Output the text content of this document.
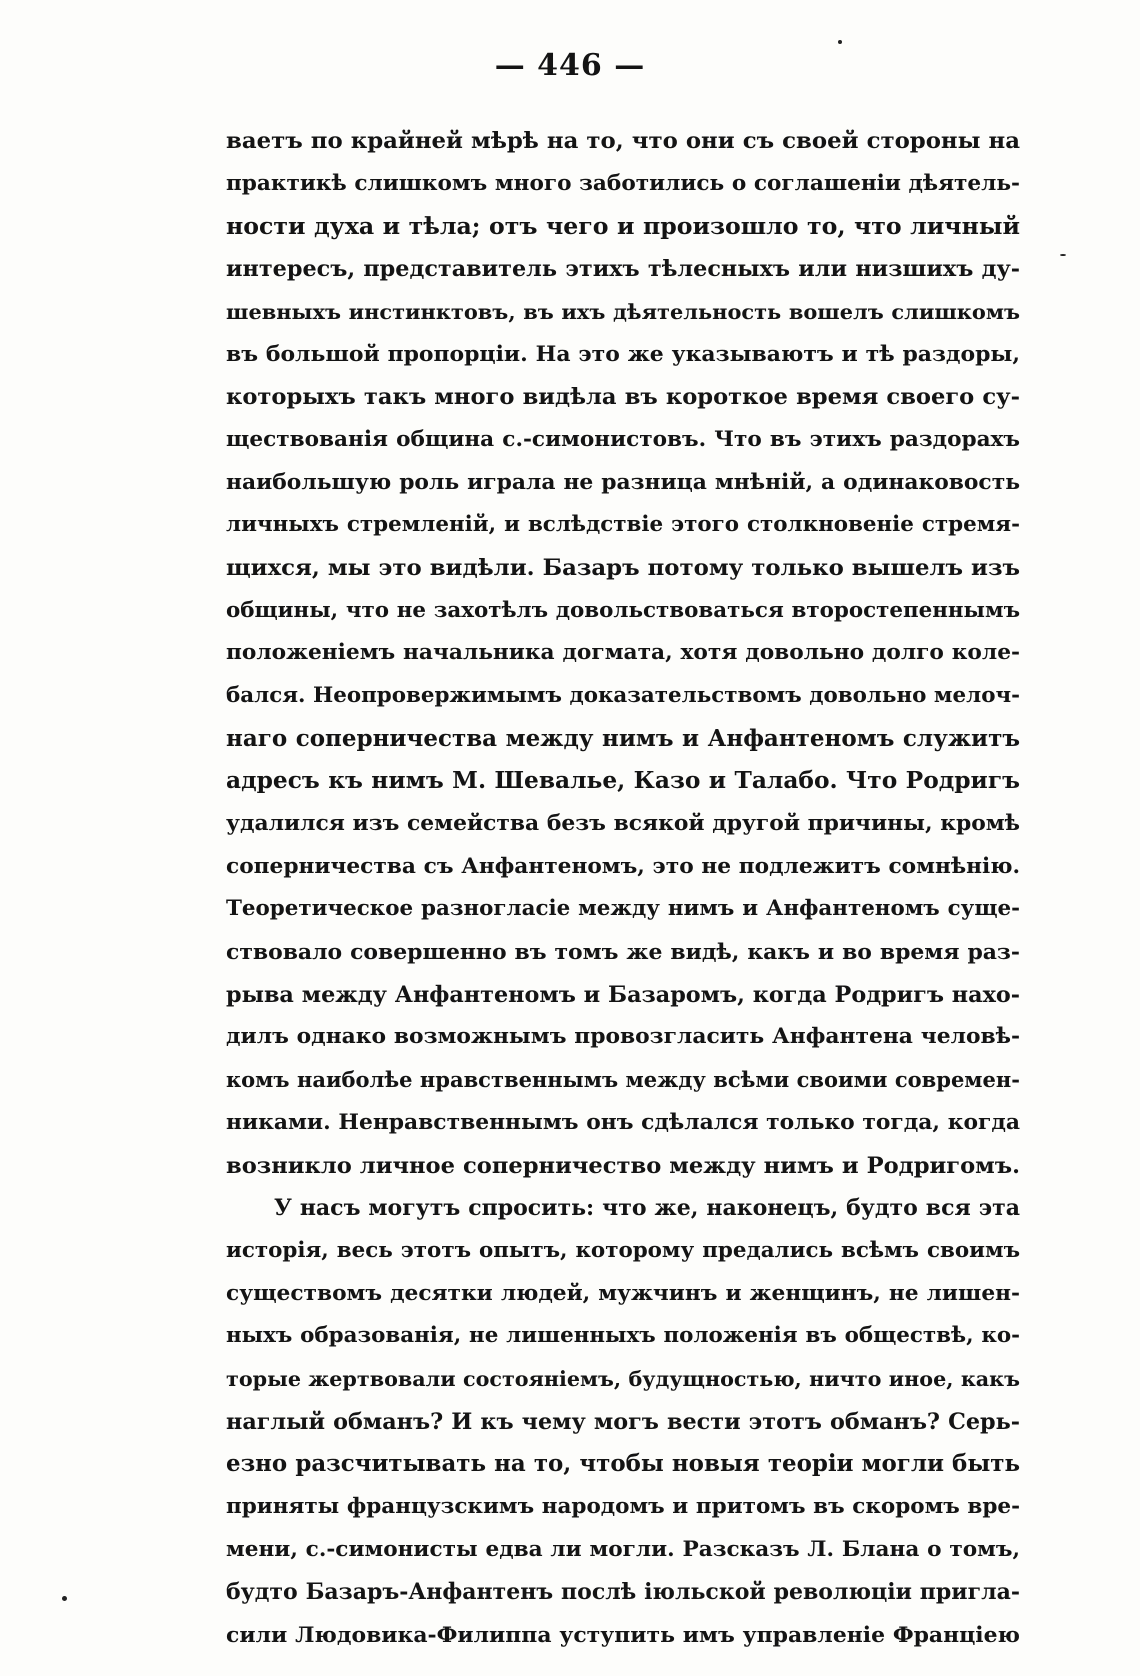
— 446 —
ваетъ по крайней мѣрѣ на то, что они съ своей стороны на
практикѣ слишкомъ много заботились о соглашеніи дѣятель-
ности духа и тѣла; отъ чего и произошло то, что личный
интересъ, представитель этихъ тѣлесныхъ или низшихъ ду-
шевныхъ инстинктовъ, въ ихъ дѣятельность вошелъ слишкомъ
въ большой пропорціи. На это же указываютъ и тѣ раздоры,
которыхъ такъ много видѣла въ короткое время своего су-
ществованія община с.-симонистовъ. Что въ этихъ раздорахъ
наибольшую роль играла не разница мнѣній, а одинаковость
личныхъ стремленій, и вслѣдствіе этого столкновеніе стремя-
щихся, мы это видѣли. Базаръ потому только вышелъ изъ
общины, что не захотѣлъ довольствоваться второстепеннымъ
положеніемъ начальника догмата, хотя довольно долго коле-
бался. Неопровержимымъ доказательствомъ довольно мелоч-
наго соперничества между нимъ и Анфантеномъ служитъ
адресъ къ нимъ М. Шевалье, Казо и Талабо. Что Родригъ
удалился изъ семейства безъ всякой другой причины, кромѣ
соперничества съ Анфантеномъ, это не подлежитъ сомнѣнію.
Теоретическое разногласіе между нимъ и Анфантеномъ суще-
ствовало совершенно въ томъ же видѣ, какъ и во время раз-
рыва между Анфантеномъ и Базаромъ, когда Родригъ нахо-
дилъ однако возможнымъ провозгласить Анфантена человѣ-
комъ наиболѣе нравственнымъ между всѣми своими современ-
никами. Ненравственнымъ онъ сдѣлался только тогда, когда
возникло личное соперничество между нимъ и Родригомъ.
У насъ могутъ спросить: что же, наконецъ, будто вся эта
исторія, весь этотъ опытъ, которому предались всѣмъ своимъ
существомъ десятки людей, мужчинъ и женщинъ, не лишен-
ныхъ образованія, не лишенныхъ положенія въ обществѣ, ко-
торые жертвовали состояніемъ, будущностью, ничто иное, какъ
наглый обманъ? И къ чему могъ вести этотъ обманъ? Серь-
езно разсчитывать на то, чтобы новыя теоріи могли быть
приняты французскимъ народомъ и притомъ въ скоромъ вре-
мени, с.-симонисты едва ли могли. Разсказъ Л. Блана о томъ,
будто Базаръ-Анфантенъ послѣ іюльской революціи пригла-
сили Людовика-Филиппа уступить имъ управленіе Франціею
